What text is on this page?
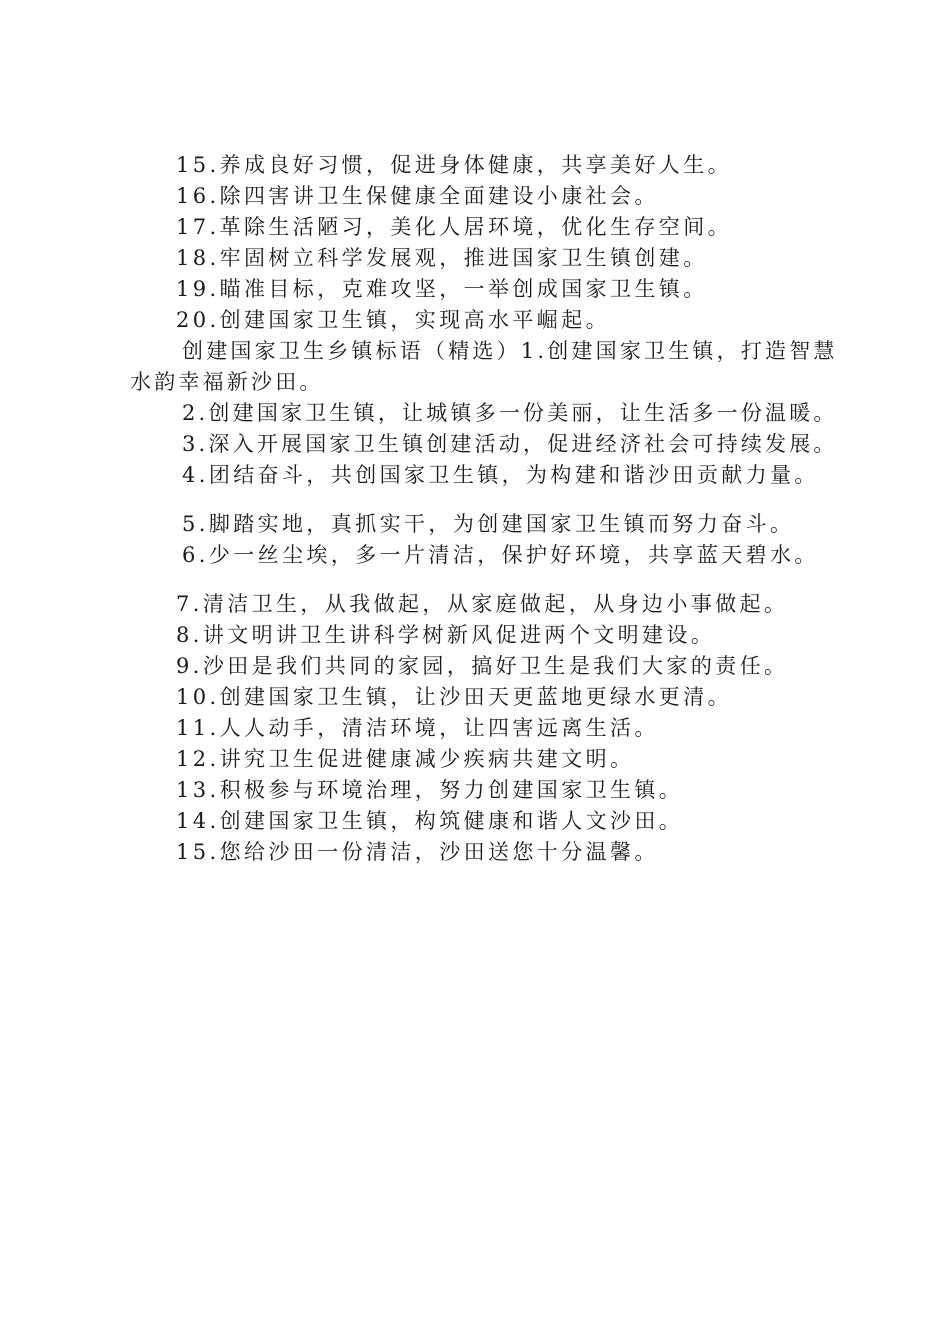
15.养成良好习惯，促进身体健康，共享美好人生。

16.除四害讲卫生保健康全面建设小康社会。

17.革除生活陋习，美化人居环境，优化生存空间。

18.牢固树立科学发展观，推进国家卫生镇创建。

19.瞄准目标，克难攻坚，一举创成国家卫生镇。

20.创建国家卫生镇，实现高水平崛起。

创建国家卫生乡镇标语（精选）1.创建国家卫生镇，打造智慧水韵幸福新沙田。

2.创建国家卫生镇，让城镇多一份美丽，让生活多一份温暖。

3.深入开展国家卫生镇创建活动，促进经济社会可持续发展。

4.团结奋斗，共创国家卫生镇，为构建和谐沙田贡献力量。

5.脚踏实地，真抓实干，为创建国家卫生镇而努力奋斗。

6.少一丝尘埃，多一片清洁，保护好环境，共享蓝天碧水。

7.清洁卫生，从我做起，从家庭做起，从身边小事做起。

8.讲文明讲卫生讲科学树新风促进两个文明建设。

9.沙田是我们共同的家园，搞好卫生是我们大家的责任。

10.创建国家卫生镇，让沙田天更蓝地更绿水更清。

11.人人动手，清洁环境，让四害远离生活。

12.讲究卫生促进健康减少疾病共建文明。

13.积极参与环境治理，努力创建国家卫生镇。

14.创建国家卫生镇，构筑健康和谐人文沙田。

15.您给沙田一份清洁，沙田送您十分温馨。
